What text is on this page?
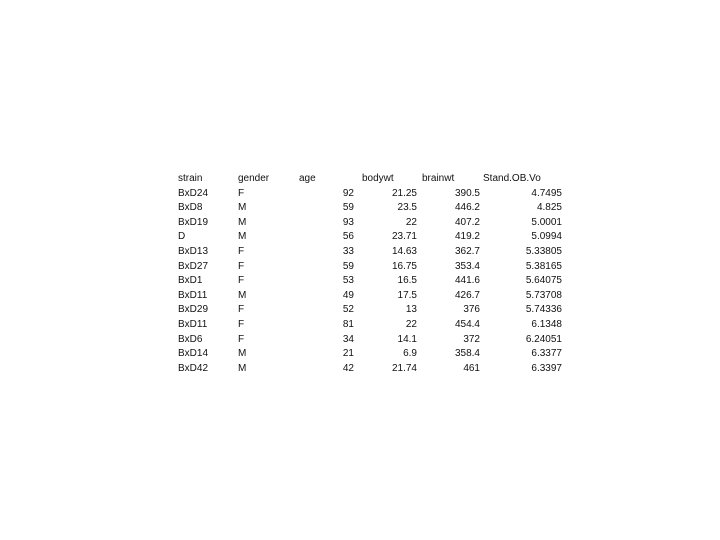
strain	gender	age	bodywt	brainwt	Stand.OB.Vo
BxD24	F	92	21.25	390.5	4.7495
BxD8	M	59	23.5	446.2	4.825
BxD19	M	93	22	407.2	5.0001
D	M	56	23.71	419.2	5.0994
BxD13	F	33	14.63	362.7	5.33805
BxD27	F	59	16.75	353.4	5.38165
BxD1	F	53	16.5	441.6	5.64075
BxD11	M	49	17.5	426.7	5.73708
BxD29	F	52	13	376	5.74336
BxD11	F	81	22	454.4	6.1348
BxD6	F	34	14.1	372	6.24051
BxD14	M	21	6.9	358.4	6.3377
BxD42	M	42	21.74	461	6.3397
